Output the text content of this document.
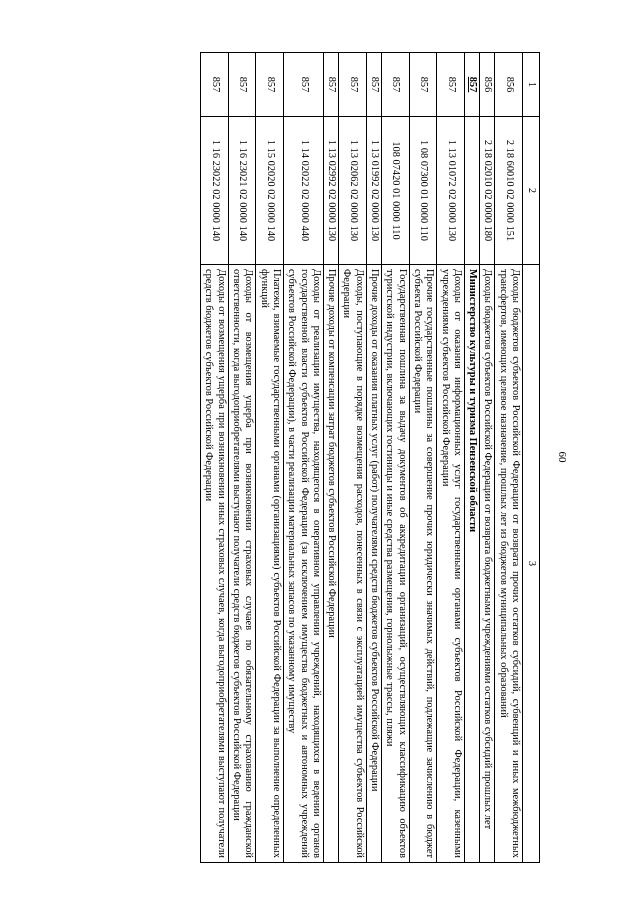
60
1	2	3
856	2 18 60010 02 0000 151	Доходы бюджетов субъектов Российской Федерации от возврата прочих остатков субсидий, субвенций и иных межбюджетных трансфертов, имеющих целевое назначение, прошлых лет из бюджетов муниципальных образований
856	2 18 02010 02 0000 180	Доходы бюджетов субъектов Российской Федерации от возврата бюджетными учреждениями остатков субсидий прошлых лет
857		Министерство культуры и туризма Пензенской области
857	1 13 01072 02 0000 130	Доходы от оказания информационных услуг государственными органами субъектов Российской Федерации, казенными учреждениями субъектов Российской Федерации
857	1 08 07300 01 0000 110	Прочие государственные пошлины за совершение прочих юридически значимых действий, подлежащие зачислению в бюджет субъекта Российской Федерации
857	108 07420 01 0000 110	Государственная пошлина за выдачу документов об аккредитации организаций, осуществляющих классификацию объектов туристской индустрии, включающих гостиницы и иные средства размещения, горнолыжные трассы, пляжи
857	1 13 01992 02 0000 130	Прочие доходы от оказания платных услуг (работ) получателями средств бюджетов субъектов Российской Федерации
857	1 13 02062 02 0000 130	Доходы, поступающие в порядке возмещения расходов, понесенных в связи с эксплуатацией имущества субъектов Российской Федерации
857	1 13 02992 02 0000 130	Прочие доходы от компенсации затрат бюджетов субъектов Российской Федерации
857	1 14 02022 02 0000 440	Доходы от реализации имущества, находящегося в оперативном управлении учреждений, находящихся в ведении органов государственной власти субъектов Российской Федерации (за исключением имущества бюджетных и автономных учреждений субъектов Российской Федерации), в части реализации материальных запасов по указанному имуществу
857	1 15 02020 02 0000 140	Платежи, взимаемые государственными органами (организациями) субъектов Российской Федерации за выполнение определенных функций
857	1 16 23021 02 0000 140	Доходы от возмещения ущерба при возникновении страховых случаев по обязательному страхованию гражданской ответственности, когда выгодоприобретателями выступают получатели средств бюджетов субъектов Российской Федерации
857	1 16 23022 02 0000 140	Доходы от возмещения ущерба при возникновении иных страховых случаев, когда выгодоприобретателями выступают получатели средств бюджетов субъектов Российской Федерации
